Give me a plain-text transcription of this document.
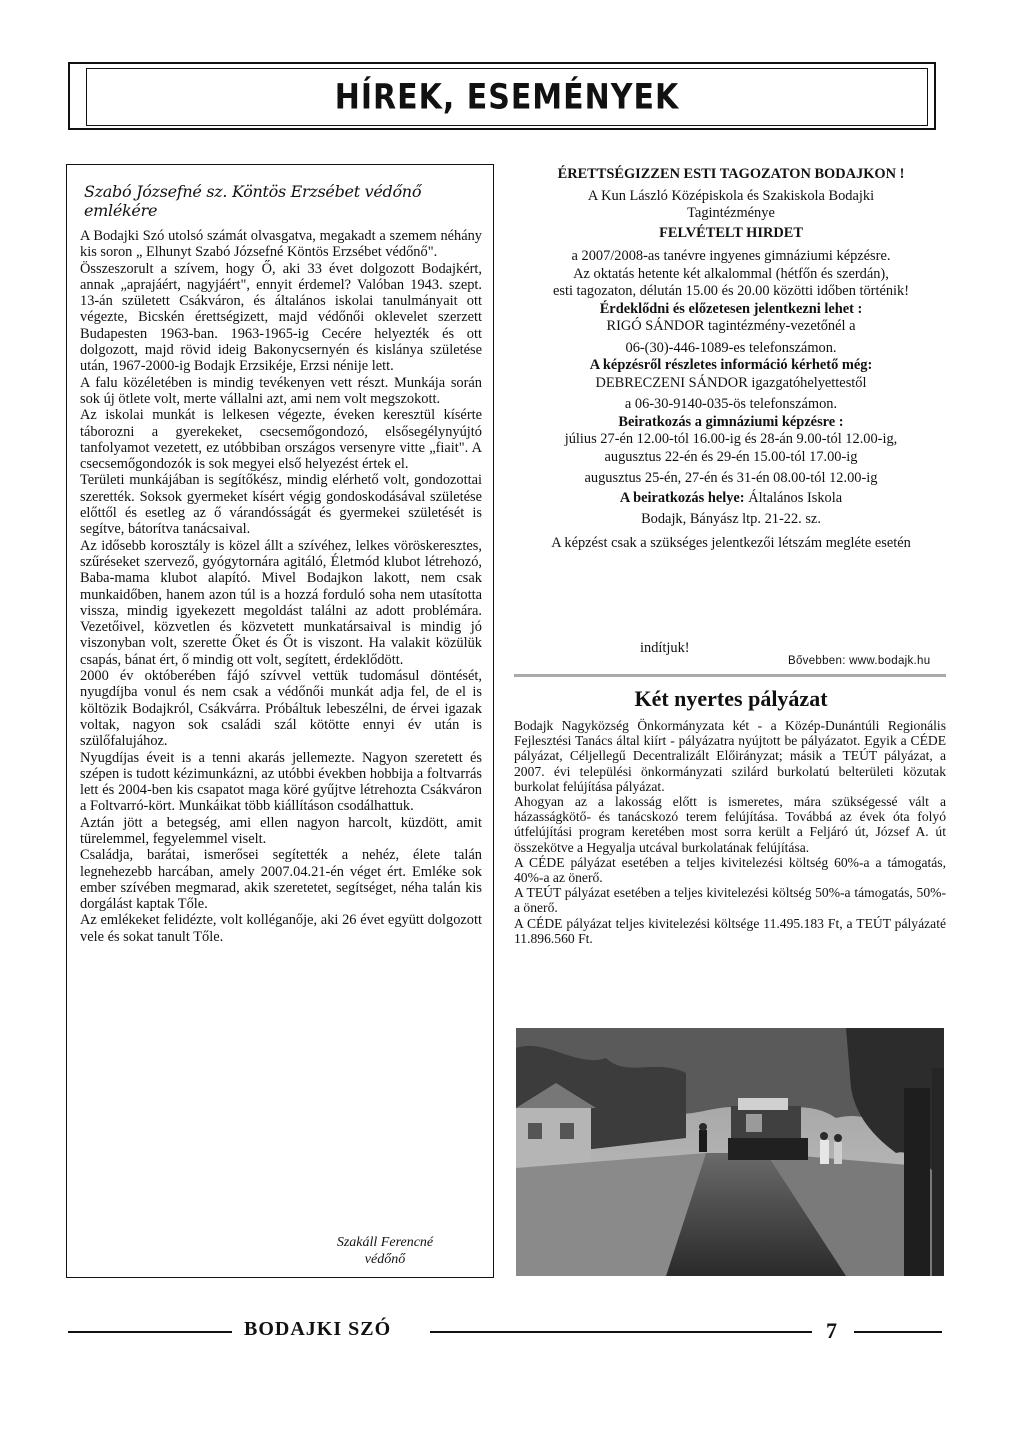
HÍREK, ESEMÉNYEK
Szabó Józsefné sz. Köntös Erzsébet védőnő emlékére

A Bodajki Szó utolsó számát olvasgatva, megakadt a szemem néhány kis soron „ Elhunyt Szabó Józsefné Köntös Erzsébet védőnő".

Összeszorult a szívem, hogy Ő, aki 33 évet dolgozott Bodajkért, annak „aprajáért, nagyjáért", ennyit érdemel? Valóban 1943. szept. 13-án született Csákváron, és általános iskolai tanulmányait ott végezte, Bicskén érettségizett, majd védőnői oklevelet szerzett Budapesten 1963-ban. 1963-1965-ig Cecére helyezték és ott dolgozott, majd rövid ideig Bakonycsernyén és kislánya születése után, 1967-2000-ig Bodajk Erzsikéje, Erzsi nénije lett.

A falu közéletében is mindig tevékenyen vett részt. Munkája során sok új ötlete volt, merte vállalni azt, ami nem volt megszokott.

Az iskolai munkát is lelkesen végezte, éveken keresztül kísérte táborozni a gyerekeket, csecsemőgondozó, elsősegélynyújtó tanfolyamot vezetett, ez utóbbiban országos versenyre vitte „fiait". A csecsemőgondozók is sok megyei első helyezést értek el.

Területi munkájában is segítőkész, mindig elérhető volt, gondozottai szerették. Soksok gyermeket kísért végig gondoskodásával születése előttől és esetleg az ő várandósságát és gyermekei születését is segítve, bátorítva tanácsaival.

Az idősebb korosztály is közel állt a szívéhez, lelkes vöröskeresztes, szűréseket szervező, gyógytornára agitáló, Életmód klubot létrehozó, Baba-mama klubot alapító. Mivel Bodajkon lakott, nem csak munkaidőben, hanem azon túl is a hozzá forduló soha nem utasította vissza, mindig igyekezett megoldást találni az adott problémára. Vezetőivel, közvetlen és közvetett munkatársaival is mindig jó viszonyban volt, szerette Őket és Őt is viszont. Ha valakit közülük csapás, bánat ért, ő mindig ott volt, segített, érdeklődött.

2000 év októberében fájó szívvel vettük tudomásul döntését, nyugdíjba vonul és nem csak a védőnői munkát adja fel, de el is költözik Bodajkról, Csákvárra. Próbáltuk lebeszélni, de érvei igazak voltak, nagyon sok családi szál kötötte ennyi év után is szülőfalujához.

Nyugdíjas éveit is a tenni akarás jellemezte. Nagyon szeretett és szépen is tudott kézimunkázni, az utóbbi években hobbija a foltvarrás lett és 2004-ben kis csapatot maga köré gyűjtve létrehozta Csákváron a Foltvarró-kört. Munkáikat több kiállításon csodálhattuk.

Aztán jött a betegség, ami ellen nagyon harcolt, küzdött, amit türelemmel, fegyelemmel viselt.

Családja, barátai, ismerősei segítették a nehéz, élete talán legnehezebb harcában, amely 2007.04.21-én véget ért. Emléke sok ember szívében megmarad, akik szeretetet, segítséget, néha talán kis dorgálást kaptak Tőle.

Az emlékeket felidézte, volt kolléganője, aki 26 évet együtt dolgozott vele és sokat tanult Tőle.

Szakáll Ferencné
védőnő

ÉRETTSÉGIZZEN ESTI TAGOZATON BODAJKON !

A Kun László Középiskola és Szakiskola Bodajki Tagintézménye

FELVÉTELT HIRDET

a 2007/2008-as tanévre ingyenes gimnáziumi képzésre.

Az oktatás hetente két alkalommal (hétfőn és szerdán),

esti tagozaton, délután 15.00 és 20.00 közötti időben történik!

Érdeklődni és előzetesen jelentkezni lehet :

RIGÓ SÁNDOR tagintézmény-vezetőnél a

06-(30)-446-1089-es telefonszámon.

A képzésről részletes információ kérhető még:

DEBRECZENI SÁNDOR igazgatóhelyettestől

a 06-30-9140-035-ös telefonszámon.

Beiratkozás a gimnáziumi képzésre :

július 27-én 12.00-tól 16.00-ig és 28-án 9.00-tól 12.00-ig,

augusztus 22-én és 29-én 15.00-tól 17.00-ig

augusztus 25-én, 27-én és 31-én 08.00-tól 12.00-ig

A beiratkozás helye: Általános Iskola

Bodajk, Bányász ltp. 21-22. sz.

A képzést csak a szükséges jelentkezői létszám megléte esetén

indítjuk!
Bővebben: www.bodajk.hu
Két nyertes pályázat

Bodajk Nagyközség Önkormányzata két - a Közép-Dunántúli Regionális Fejlesztési Tanács által kiírt - pályázatra nyújtott be pályázatot. Egyik a CÉDE pályázat, Céljellegű Decentralizált Előirányzat; másik a TEÚT pályázat, a 2007. évi települési önkormányzati szilárd burkolatú belterületi közutak burkolat felújítása pályázat.

Ahogyan az a lakosság előtt is ismeretes, mára szükségessé vált a házasságkötő- és tanácskozó terem felújítása. Továbbá az évek óta folyó útfelújítási program keretében most sorra került a Feljáró út, József A. út összekötve a Hegyalja utcával burkolatának felújítása.

A CÉDE pályázat esetében a teljes kivitelezési költség 60%-a a támogatás, 40%-a az önerő.

A TEÚT pályázat esetében a teljes kivitelezési költség 50%-a támogatás, 50%-a önerő.

A CÉDE pályázat teljes kivitelezési költsége 11.495.183 Ft, a TEÚT pályázaté 11.896.560 Ft.

BODAJKI SZÓ	7
